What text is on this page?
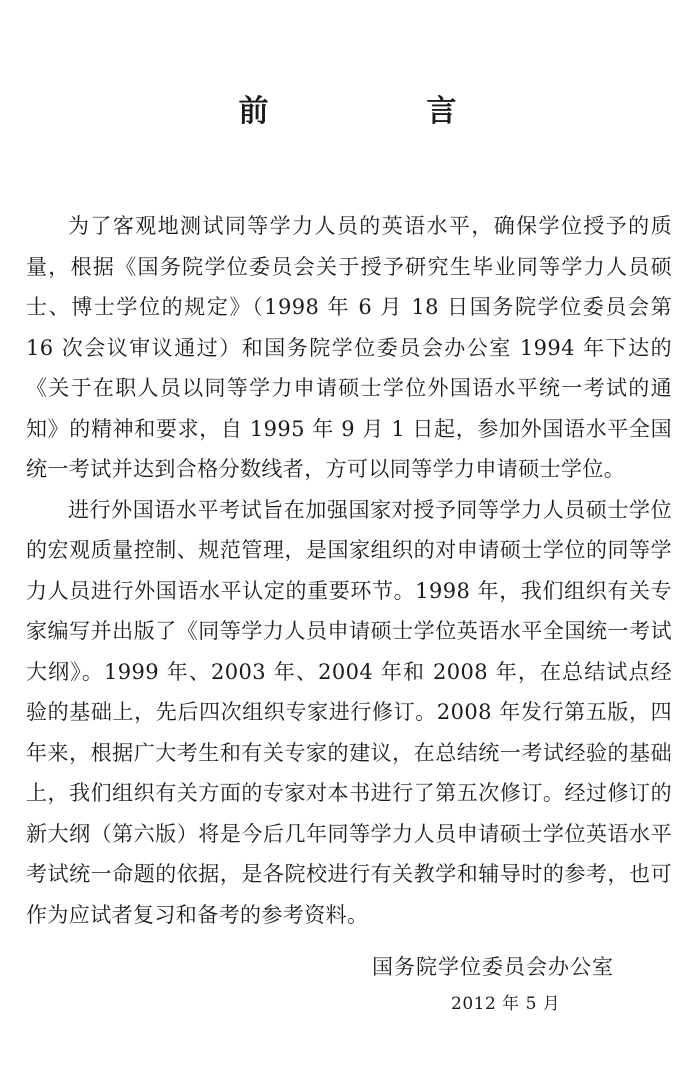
前　言

为了客观地测试同等学力人员的英语水平，确保学位授予的质量，根据《国务院学位委员会关于授予研究生毕业同等学力人员硕士、博士学位的规定》（1998 年 6 月 18 日国务院学位委员会第 16 次会议审议通过）和国务院学位委员会办公室 1994 年下达的《关于在职人员以同等学力申请硕士学位外国语水平统一考试的通知》的精神和要求，自 1995 年 9 月 1 日起，参加外国语水平全国统一考试并达到合格分数线者，方可以同等学力申请硕士学位。

进行外国语水平考试旨在加强国家对授予同等学力人员硕士学位的宏观质量控制、规范管理，是国家组织的对申请硕士学位的同等学力人员进行外国语水平认定的重要环节。1998 年，我们组织有关专家编写并出版了《同等学力人员申请硕士学位英语水平全国统一考试大纲》。1999 年、2003 年、2004 年和 2008 年，在总结试点经验的基础上，先后四次组织专家进行修订。2008 年发行第五版，四年来，根据广大考生和有关专家的建议，在总结统一考试经验的基础上，我们组织有关方面的专家对本书进行了第五次修订。经过修订的新大纲（第六版）将是今后几年同等学力人员申请硕士学位英语水平考试统一命题的依据，是各院校进行有关教学和辅导时的参考，也可作为应试者复习和备考的参考资料。

国务院学位委员会办公室
2012 年 5 月
